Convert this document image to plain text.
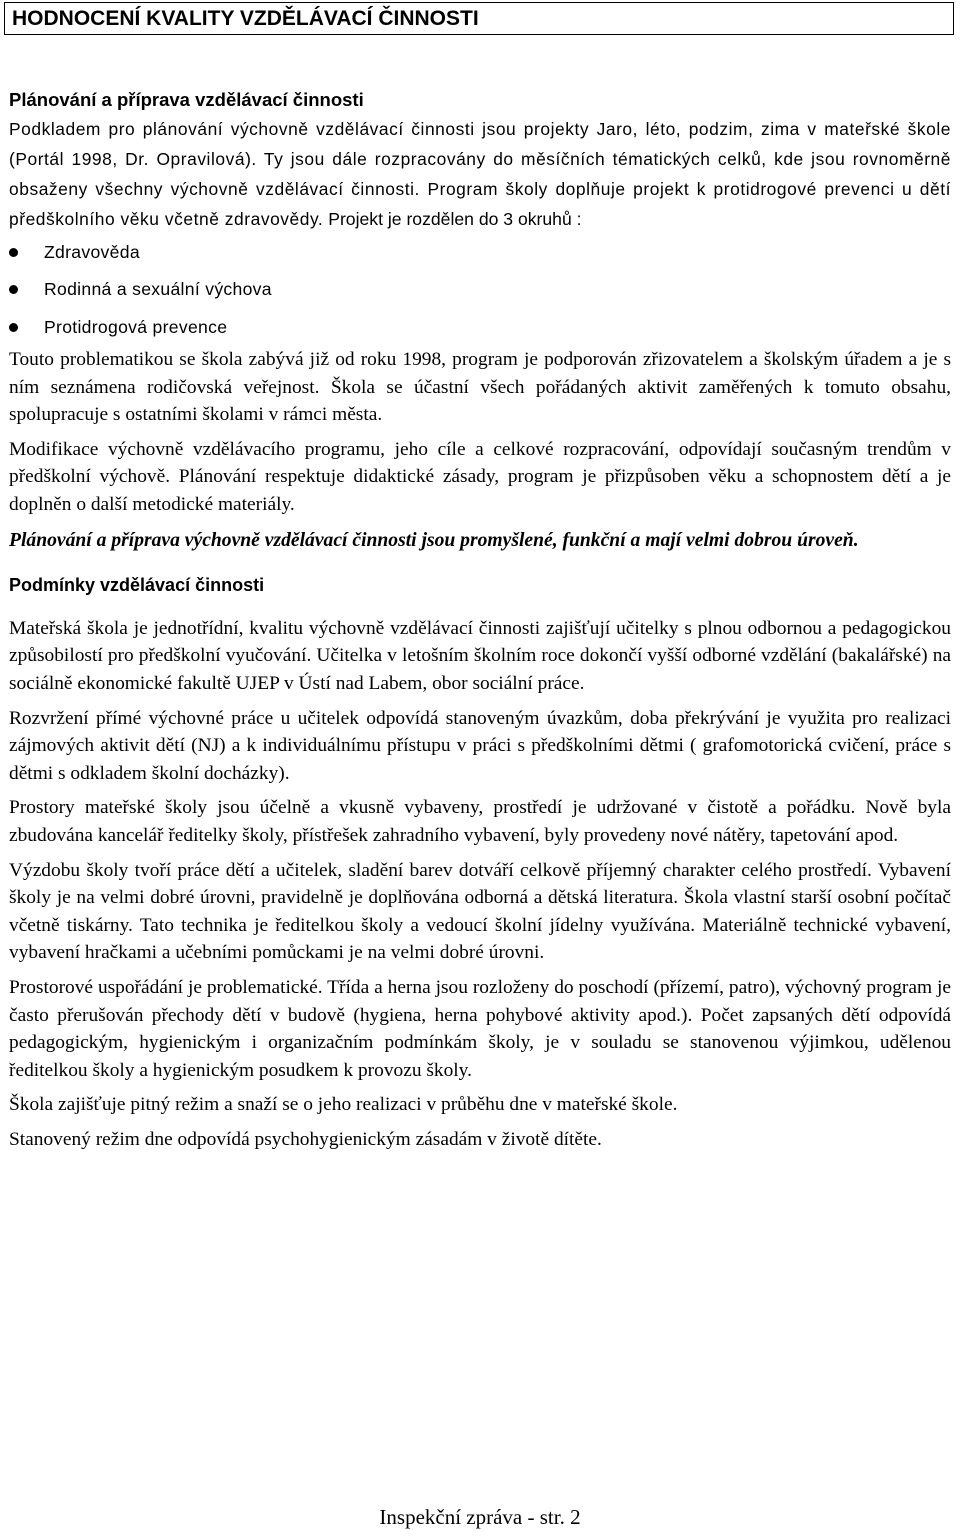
HODNOCENÍ KVALITY VZDĚLÁVACÍ ČINNOSTI

Plánování a příprava vzdělávací činnosti

Podkladem pro plánování výchovně vzdělávací činnosti jsou projekty Jaro, léto, podzim, zima v mateřské škole (Portál 1998, Dr. Opravilová). Ty jsou dále rozpracovány do měsíčních tématických celků, kde jsou rovnoměrně obsaženy všechny výchovně vzdělávací činnosti. Program školy doplňuje projekt k protidrogové prevenci u dětí předškolního věku včetně zdravovědy. Projekt je rozdělen do 3 okruhů :

Zdravověda
Rodinná a sexuální výchova
Protidrogová prevence

Touto problematikou se škola zabývá již od roku 1998, program je podporován zřizovatelem a školským úřadem a je s ním seznámena rodičovská veřejnost. Škola se účastní všech pořádaných aktivit zaměřených k tomuto obsahu, spolupracuje s ostatními školami v rámci města.

Modifikace výchovně vzdělávacího programu, jeho cíle a celkové rozpracování, odpovídají současným trendům v předškolní výchově. Plánování respektuje didaktické zásady, program je přizpůsoben věku a schopnostem dětí a je doplněn o další metodické materiály.

Plánování a příprava výchovně vzdělávací činnosti jsou promyšlené, funkční a mají velmi dobrou úroveň.

Podmínky vzdělávací činnosti

Mateřská škola je jednotřídní, kvalitu výchovně vzdělávací činnosti zajišťují učitelky s plnou odbornou a pedagogickou způsobilostí pro předškolní vyučování. Učitelka v letošním školním roce dokončí vyšší odborné vzdělání (bakalářské) na sociálně ekonomické fakultě UJEP v Ústí nad Labem, obor sociální práce.

Rozvržení přímé výchovné práce u učitelek odpovídá stanoveným úvazkům, doba překrývání je využita pro realizaci zájmových aktivit dětí (NJ) a k individuálnímu přístupu v práci s předškolními dětmi ( grafomotorická cvičení, práce s dětmi s odkladem školní docházky).

Prostory mateřské školy jsou účelně a vkusně vybaveny, prostředí je udržované v čistotě a pořádku. Nově byla zbudována kancelář ředitelky školy, přístřešek zahradního vybavení, byly provedeny nové nátěry, tapetování apod.

Výzdobu školy tvoří práce dětí a učitelek, sladění barev dotváří celkově příjemný charakter celého prostředí. Vybavení školy je na velmi dobré úrovni, pravidelně je doplňována odborná a dětská literatura. Škola vlastní starší osobní počítač včetně tiskárny. Tato technika je ředitelkou školy a vedoucí školní jídelny využívána. Materiálně technické vybavení, vybavení hračkami a učebními pomůckami je na velmi dobré úrovni.

Prostorové uspořádání je problematické. Třída a herna jsou rozloženy do poschodí (přízemí, patro), výchovný program je často přerušován přechody dětí v budově (hygiena, herna pohybové aktivity apod.). Počet zapsaných dětí odpovídá pedagogickým, hygienickým i organizačním podmínkám školy, je v souladu se stanovenou výjimkou, udělenou ředitelkou školy a hygienickým posudkem k provozu školy.

Škola zajišťuje pitný režim a snaží se o jeho realizaci v průběhu dne v mateřské škole.

Stanovený režim dne odpovídá psychohygienickým zásadám v životě dítěte.

Inspekční zpráva - str. 2
